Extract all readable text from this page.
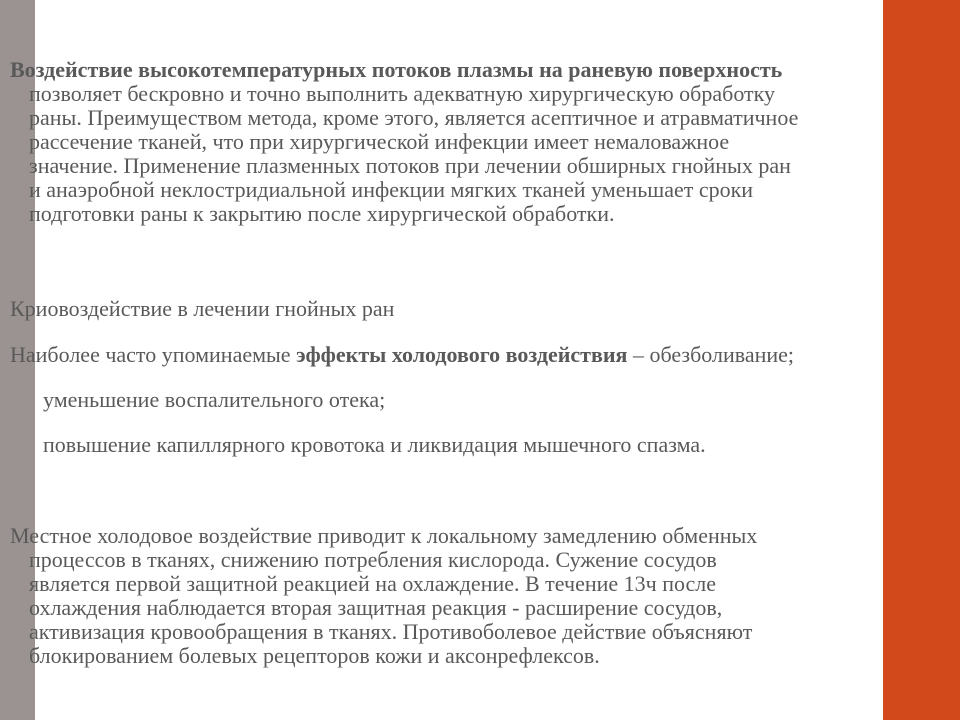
Воздействие высокотемпературных потоков плазмы на раневую поверхность
позволяет бескровно и точно выполнить адекватную хирургическую обработку
раны. Преимуществом метода, кроме этого, является асептичное и атравматичное
рассечение тканей, что при хирургической инфекции имеет немаловажное
значение. Применение плазменных потоков при лечении обширных гнойных ран
и анаэробной неклостридиальной инфекции мягких тканей уменьшает сроки
подготовки раны к закрытию после хирургической обработки.
Криовоздействие в лечении гнойных ран
Наиболее часто упоминаемые эффекты холодового воздействия – обезболивание;
уменьшение воспалительного отека;
повышение капиллярного кровотока и ликвидация мышечного спазма.
Местное холодовое воздействие приводит к локальному замедлению обменных
процессов в тканях, снижению потребления кислорода. Сужение сосудов
является первой защитной реакцией на охлаждение. В течение 13ч после
охлаждения наблюдается вторая защитная реакция - расширение сосудов,
активизация кровообращения в тканях. Противоболевое действие объясняют
блокированием болевых рецепторов кожи и аксонрефлексов.
